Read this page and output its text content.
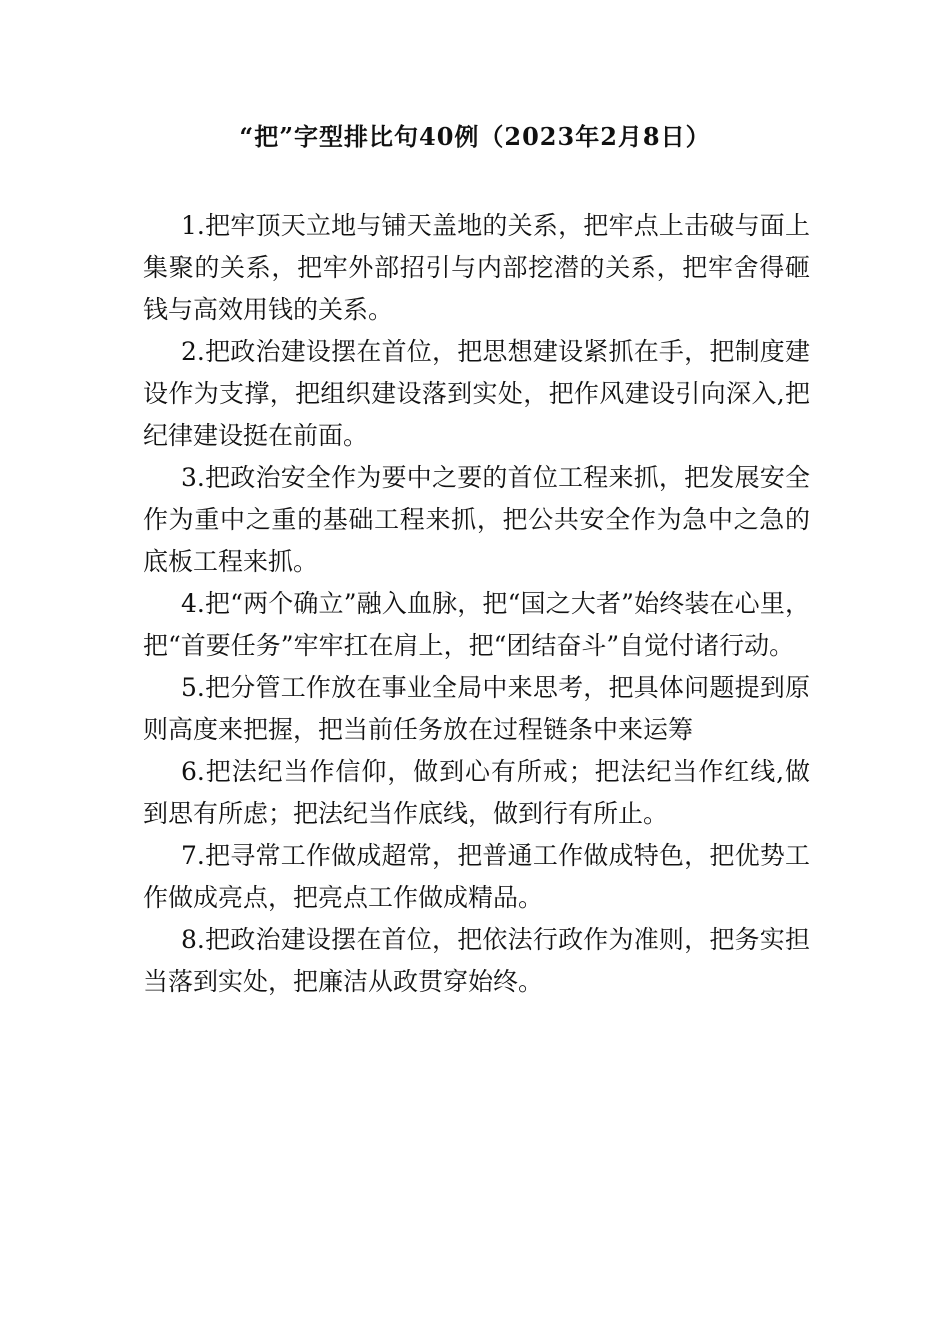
“把”字型排比句40例（2023年2月8日）

1.把牢顶天立地与铺天盖地的关系，把牢点上击破与面上集聚的关系，把牢外部招引与内部挖潜的关系，把牢舍得砸钱与高效用钱的关系。

2.把政治建设摆在首位，把思想建设紧抓在手，把制度建设作为支撑，把组织建设落到实处，把作风建设引向深入,把纪律建设挺在前面。

3.把政治安全作为要中之要的首位工程来抓，把发展安全作为重中之重的基础工程来抓，把公共安全作为急中之急的底板工程来抓。

4.把“两个确立”融入血脉，把“国之大者”始终装在心里，把“首要任务”牢牢扛在肩上，把“团结奋斗”自觉付诸行动。

5.把分管工作放在事业全局中来思考，把具体问题提到原则高度来把握，把当前任务放在过程链条中来运筹

6.把法纪当作信仰，做到心有所戒；把法纪当作红线,做到思有所虑；把法纪当作底线，做到行有所止。

7.把寻常工作做成超常，把普通工作做成特色，把优势工作做成亮点，把亮点工作做成精品。

8.把政治建设摆在首位，把依法行政作为准则，把务实担当落到实处，把廉洁从政贯穿始终。
